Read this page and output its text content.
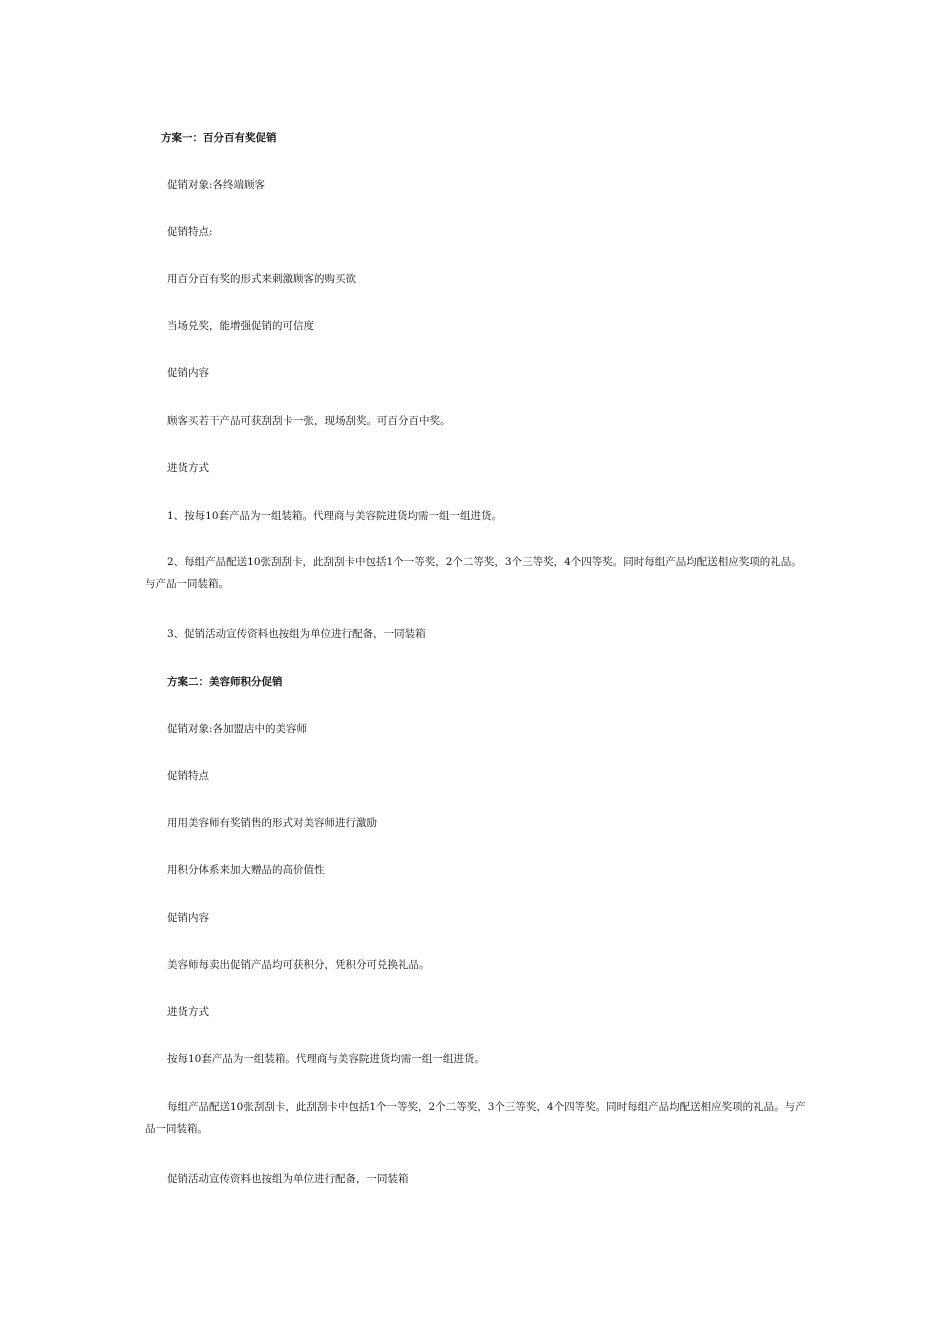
方案一：百分百有奖促销

促销对象:各终端顾客

促销特点:

用百分百有奖的形式来刺激顾客的购买欲

当场兑奖，能增强促销的可信度

促销内容

顾客买若干产品可获刮刮卡一张，现场刮奖。可百分百中奖。

进货方式

1、按每10套产品为一组装箱。代理商与美容院进货均需一组一组进货。

2、每组产品配送10张刮刮卡，此刮刮卡中包括1个一等奖，2个二等奖，3个三等奖，4个四等奖。同时每组产品均配送相应奖项的礼品。与产品一同装箱。

3、促销活动宣传资料也按组为单位进行配备，一同装箱

方案二：美容师积分促销

促销对象:各加盟店中的美容师

促销特点

用用美容师有奖销售的形式对美容师进行激励

用积分体系来加大赠品的高价值性

促销内容

美容师每卖出促销产品均可获积分，凭积分可兑换礼品。

进货方式

按每10套产品为一组装箱。代理商与美容院进货均需一组一组进货。

每组产品配送10张刮刮卡，此刮刮卡中包括1个一等奖，2个二等奖，3个三等奖，4个四等奖。同时每组产品均配送相应奖项的礼品。与产品一同装箱。

促销活动宣传资料也按组为单位进行配备，一同装箱
